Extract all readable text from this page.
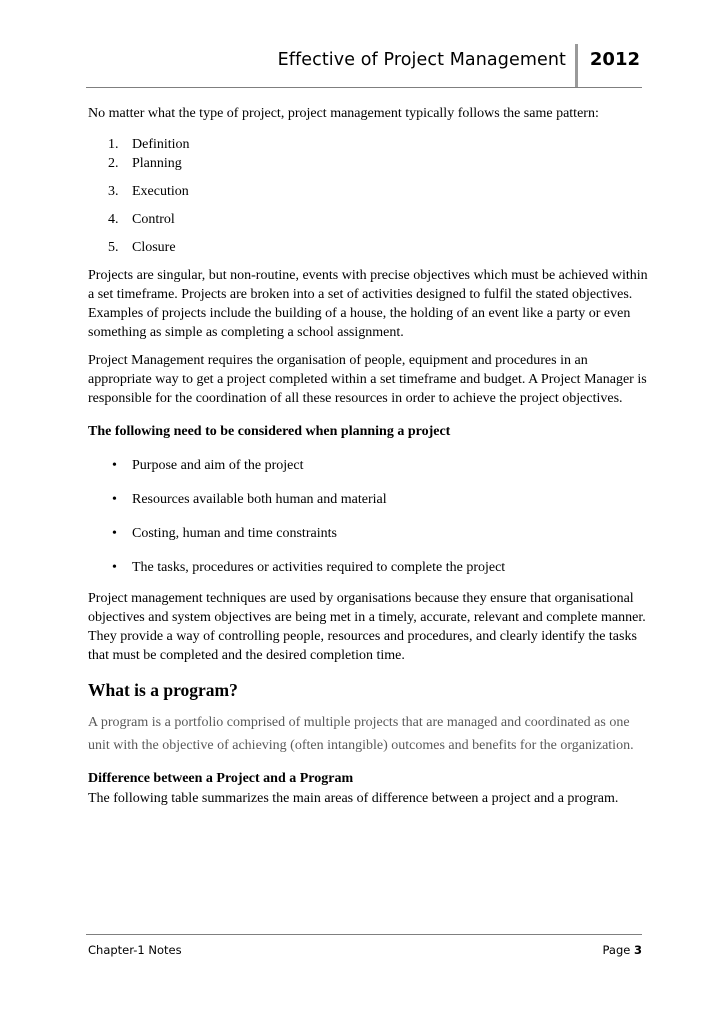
Effective of Project Management 2012

No matter what the type of project, project management typically follows the same pattern:

1. Definition
2. Planning
3. Execution
4. Control
5. Closure

Projects are singular, but non-routine, events with precise objectives which must be achieved within a set timeframe. Projects are broken into a set of activities designed to fulfil the stated objectives. Examples of projects include the building of a house, the holding of an event like a party or even something as simple as completing a school assignment.

Project Management requires the organisation of people, equipment and procedures in an appropriate way to get a project completed within a set timeframe and budget. A Project Manager is responsible for the coordination of all these resources in order to achieve the project objectives.

The following need to be considered when planning a project

• Purpose and aim of the project
• Resources available both human and material
• Costing, human and time constraints
• The tasks, procedures or activities required to complete the project

Project management techniques are used by organisations because they ensure that organisational objectives and system objectives are being met in a timely, accurate, relevant and complete manner. They provide a way of controlling people, resources and procedures, and clearly identify the tasks that must be completed and the desired completion time.

What is a program?

A program is a portfolio comprised of multiple projects that are managed and coordinated as one unit with the objective of achieving (often intangible) outcomes and benefits for the organization.

Difference between a Project and a Program

The following table summarizes the main areas of difference between a project and a program.

Chapter-1 Notes	Page 3
